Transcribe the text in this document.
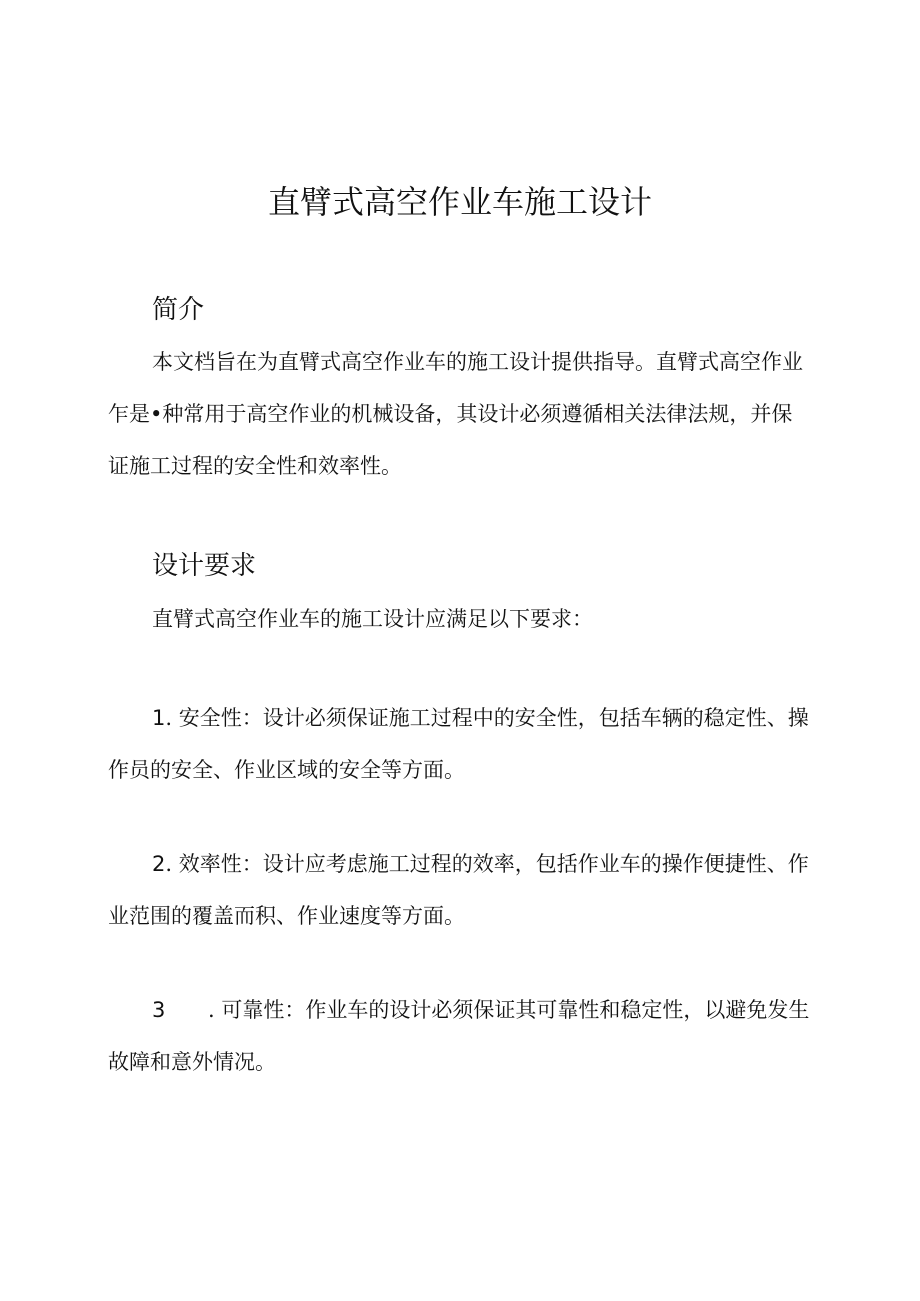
直臂式高空作业车施工设计
简介

本文档旨在为直臂式高空作业车的施工设计提供指导。直臂式高空作业乍是•种常用于高空作业的机械设备，其设计必须遵循相关法律法规，并保证施工过程的安全性和效率性。

设计要求

直臂式高空作业车的施工设计应满足以下要求：

1. 安全性：设计必须保证施工过程中的安全性，包括车辆的稳定性、操作员的安全、作业区域的安全等方面。

2. 效率性：设计应考虑施工过程的效率，包括作业车的操作便捷性、作业范围的覆盖而积、作业速度等方面。

3 . 可靠性：作业车的设计必须保证其可靠性和稳定性，以避免发生故障和意外情况。
